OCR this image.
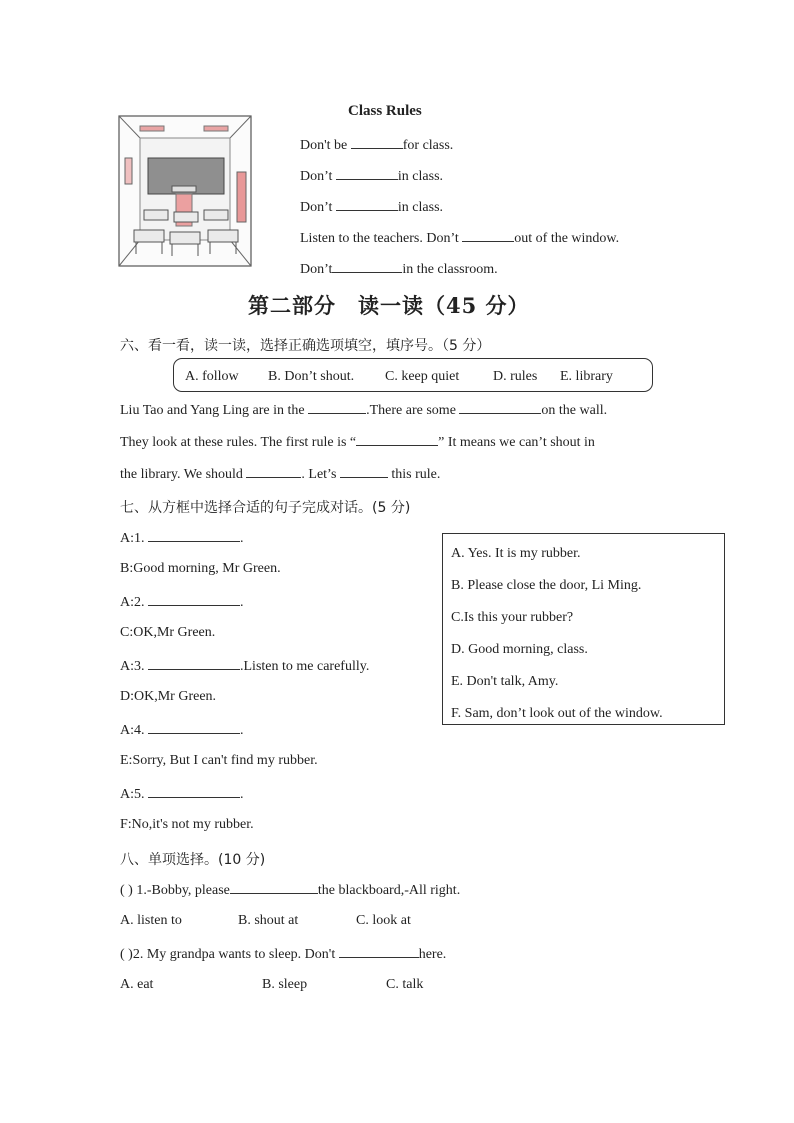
Class Rules
Don't be	for class.
Don’t	in class.
Don’t	in class.
Listen to the teachers. Don’t	out of the window.
Don’t	in the classroom.
第二部分　读一读（45 分）
六、看一看，读一读，选择正确选项填空，填序号。（5 分）
A. follow B. Don’t shout. C. keep quiet D. rules E. library
Liu Tao and Yang Ling are in the	.There are some	on the wall.
They look at these rules. The first rule is “	” It means we can’t shout in
the library. We should	. Let’s	this rule.
七、从方框中选择合适的句子完成对话。(5 分)
A:1.	.
B:Good morning, Mr Green.
A:2.	.
C:OK,Mr Green.
A:3.	.Listen to me carefully.
D:OK,Mr Green.
A:4.	.
E:Sorry, But I can't find my rubber.
A:5.	.
F:No,it's not my rubber.
A. Yes. It is my rubber.
B. Please close the door, Li Ming.
C.Is this your rubber?
D. Good morning, class.
E. Don't talk, Amy.
F. Sam, don’t look out of the window.
八、单项选择。(10 分)
( ) 1.-Bobby, please	the blackboard,-All right.
A. listen to	B. shout at	C. look at
( )2. My grandpa wants to sleep. Don't	here.
A. eat	B. sleep	C. talk
